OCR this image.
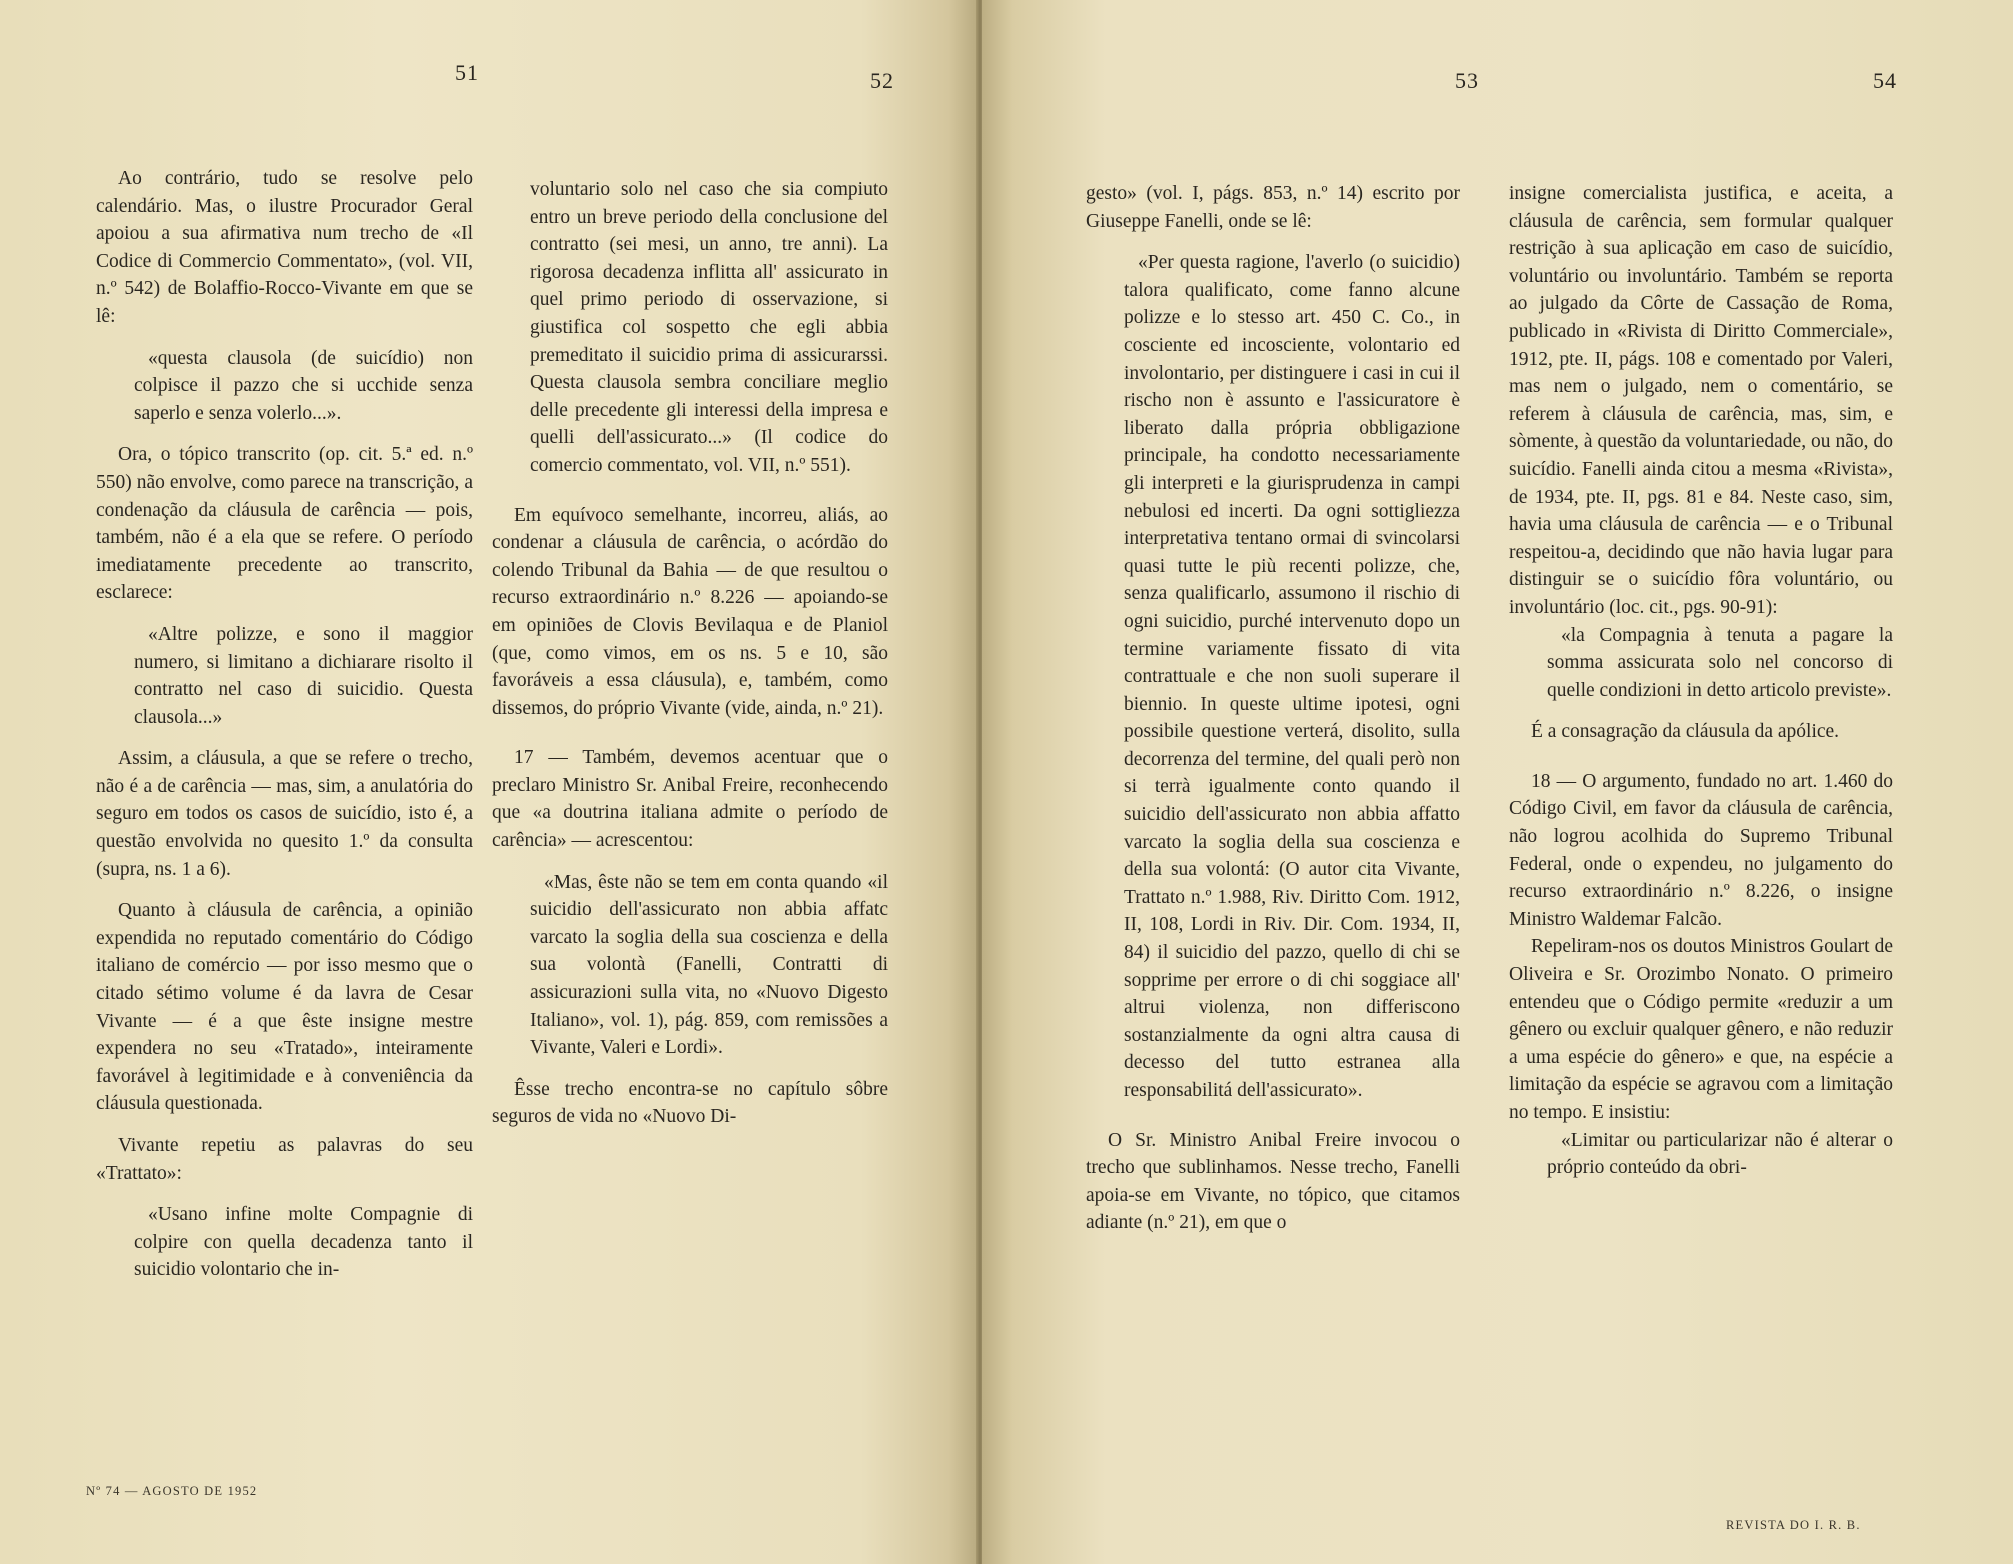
51	52

Ao contrário, tudo se resolve pelo calendário. Mas, o ilustre Procurador Geral apoiou a sua afirmativa num trecho de «Il Codice di Commercio Commentato», (vol. VII, n.º 542) de Bolaffio-Rocco-Vivante em que se lê:

«questa clausola (de suicídio) non colpisce il pazzo che si ucchide senza saperlo e senza volerlo...».

Ora, o tópico transcrito (op. cit. 5.ª ed. n.º 550) não envolve, como parece na transcrição, a condenação da cláusula de carência — pois, também, não é a ela que se refere. O período imediatamente precedente ao transcrito, esclarece:

«Altre polizze, e sono il maggior numero, si limitano a dichiarare risolto il contratto nel caso di suicidio. Questa clausola...»

Assim, a cláusula, a que se refere o trecho, não é a de carência — mas, sim, a anulatória do seguro em todos os casos de suicídio, isto é, a questão envolvida no quesito 1.º da consulta (supra, ns. 1 a 6).

Quanto à cláusula de carência, a opinião expendida no reputado comentário do Código italiano de comércio — por isso mesmo que o citado sétimo volume é da lavra de Cesar Vivante — é a que êste insigne mestre expendera no seu «Tratado», inteiramente favorável à legitimidade e à conveniência da cláusula questionada.

Vivante repetiu as palavras do seu «Trattato»:

«Usano infine molte Compagnie di colpire con quella decadenza tanto il suicidio volontario che in-

voluntario solo nel caso che sia compiuto entro un breve periodo della conclusione del contratto (sei mesi, un anno, tre anni). La rigorosa decadenza inflitta all' assicurato in quel primo periodo di osservazione, si giustifica col sospetto che egli abbia premeditato il suicidio prima di assicurarssi. Questa clausola sembra conciliare meglio delle precedente gli interessi della impresa e quelli dell'assicurato...» (Il codice do comercio commentato, vol. VII, n.º 551).

Em equívoco semelhante, incorreu, aliás, ao condenar a cláusula de carência, o acórdão do colendo Tribunal da Bahia — de que resultou o recurso extraordinário n.º 8.226 — apoiando-se em opiniões de Clovis Bevilaqua e de Planiol (que, como vimos, em os ns. 5 e 10, são favoráveis a essa cláusula), e, também, como dissemos, do próprio Vivante (vide, ainda, n.º 21).

17 — Também, devemos acentuar que o preclaro Ministro Sr. Anibal Freire, reconhecendo que «a doutrina italiana admite o período de carência» — acrescentou:

«Mas, êste não se tem em conta quando «il suicidio dell'assicurato non abbia affatc varcato la soglia della sua coscienza e della sua volontà (Fanelli, Contratti di assicurazioni sulla vita, no «Nuovo Digesto Italiano», vol. 1), pág. 859, com remissões a Vivante, Valeri e Lordi».

Êsse trecho encontra-se no capítulo sôbre seguros de vida no «Nuovo Di-

Nº 74 — AGOSTO DE 1952
53	54

gesto» (vol. I, págs. 853, n.º 14) escrito por Giuseppe Fanelli, onde se lê:

«Per questa ragione, l'averlo (o suicidio) talora qualificato, come fanno alcune polizze e lo stesso art. 450 C. Co., in cosciente ed incosciente, volontario ed involontario, per distinguere i casi in cui il rischo non è assunto e l'assicuratore è liberato dalla própria obbligazione principale, ha condotto necessariamente gli interpreti e la giurisprudenza in campi nebulosi ed incerti. Da ogni sottigliezza interpretativa tentano ormai di svincolarsi quasi tutte le più recenti polizze, che, senza qualificarlo, assumono il rischio di ogni suicidio, purché intervenuto dopo un termine variamente fissato di vita contrattuale e che non suoli superare il biennio. In queste ultime ipotesi, ogni possibile questione verterá, disolito, sulla decorrenza del termine, del quali però non si terrà igualmente conto quando il suicidio dell'assicurato non abbia affatto varcato la soglia della sua coscienza e della sua volontá: (O autor cita Vivante, Trattato n.º 1.988, Riv. Diritto Com. 1912, II, 108, Lordi in Riv. Dir. Com. 1934, II, 84) il suicidio del pazzo, quello di chi se sopprime per errore o di chi soggiace all' altrui violenza, non differiscono sostanzialmente da ogni altra causa di decesso del tutto estranea alla responsabilitá dell'assicurato».

O Sr. Ministro Anibal Freire invocou o trecho que sublinhamos. Nesse trecho, Fanelli apoia-se em Vivante, no tópico, que citamos adiante (n.º 21), em que o

insigne comercialista justifica, e aceita, a cláusula de carência, sem formular qualquer restrição à sua aplicação em caso de suicídio, voluntário ou involuntário. Também se reporta ao julgado da Côrte de Cassação de Roma, publicado in «Rivista di Diritto Commerciale», 1912, pte. II, págs. 108 e comentado por Valeri, mas nem o julgado, nem o comentário, se referem à cláusula de carência, mas, sim, e sòmente, à questão da voluntariedade, ou não, do suicídio. Fanelli ainda citou a mesma «Rivista», de 1934, pte. II, pgs. 81 e 84. Neste caso, sim, havia uma cláusula de carência — e o Tribunal respeitou-a, decidindo que não havia lugar para distinguir se o suicídio fôra voluntário, ou involuntário (loc. cit., pgs. 90-91):

«la Compagnia à tenuta a pagare la somma assicurata solo nel concorso di quelle condizioni in detto articolo previste».

É a consagração da cláusula da apólice.

18 — O argumento, fundado no art. 1.460 do Código Civil, em favor da cláusula de carência, não logrou acolhida do Supremo Tribunal Federal, onde o expendeu, no julgamento do recurso extraordinário n.º 8.226, o insigne Ministro Waldemar Falcão.

Repeliram-nos os doutos Ministros Goulart de Oliveira e Sr. Orozimbo Nonato. O primeiro entendeu que o Código permite «reduzir a um gênero ou excluir qualquer gênero, e não reduzir a uma espécie do gênero» e que, na espécie a limitação da espécie se agravou com a limitação no tempo. E insistiu:

«Limitar ou particularizar não é alterar o próprio conteúdo da obri-

REVISTA DO I. R. B.
